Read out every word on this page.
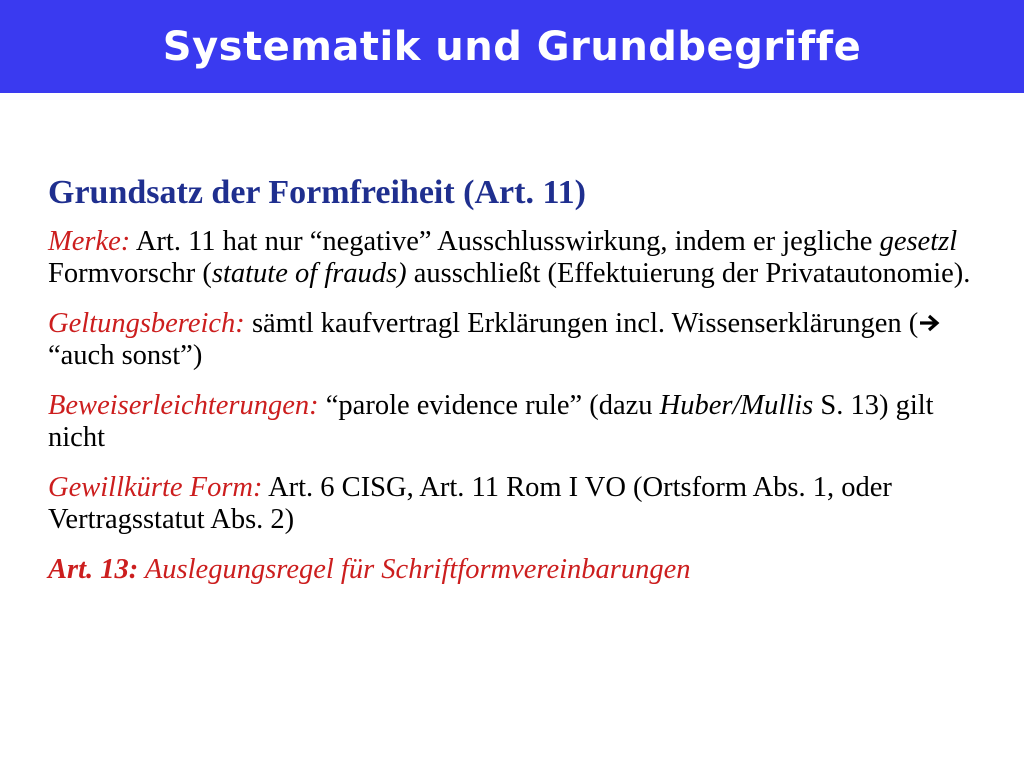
Systematik und Grundbegriffe
Grundsatz der Formfreiheit (Art. 11)

Merke: Art. 11 hat nur “negative” Ausschlusswirkung, indem er jegliche gesetzl Formvorschr (statute of frauds) ausschließt (Effektuierung der Privatautonomie).

Geltungsbereich: sämtl kaufvertragl Erklärungen incl. Wissenserklärungen ( “auch sonst”)

Beweiserleichterungen: “parole evidence rule” (dazu Huber/Mullis S. 13) gilt nicht

Gewillkürte Form: Art. 6 CISG, Art. 11 Rom I VO (Ortsform Abs. 1, oder Vertragsstatut Abs. 2)

Art. 13: Auslegungsregel für Schriftformvereinbarungen
